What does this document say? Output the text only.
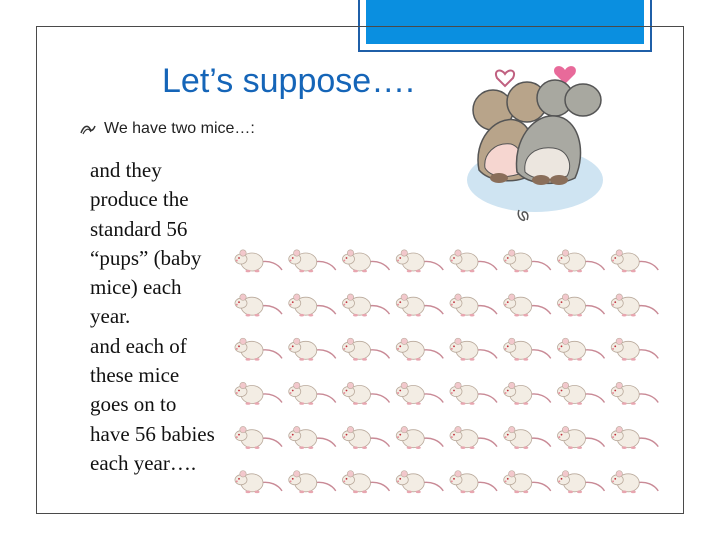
Let’s suppose….
We have two mice…:
and they
produce the
standard 56
“pups” (baby
mice) each
year.
and each of
these mice
goes on to
have 56 babies
each year….
